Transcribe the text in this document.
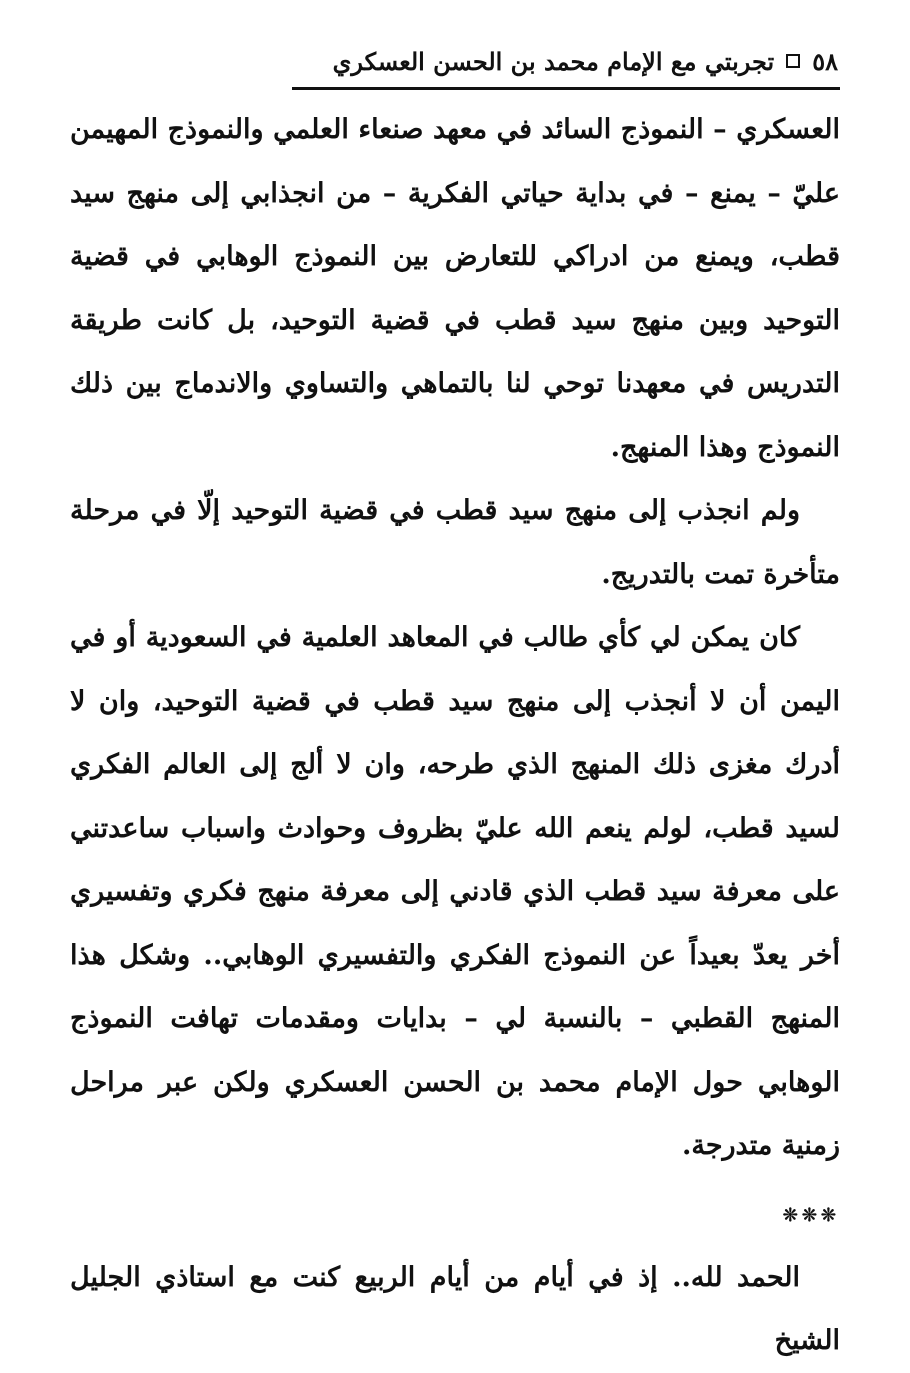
٥٨
تجربتي مع الإمام محمد بن الحسن العسكري

العسكري – النموذج السائد في معهد صنعاء العلمي والنموذج المهيمن عليّ – يمنع – في بداية حياتي الفكرية – من انجذابي إلى منهج سيد قطب، ويمنع من ادراكي للتعارض بين النموذج الوهابي في قضية التوحيد وبين منهج سيد قطب في قضية التوحيد، بل كانت طريقة التدريس في معهدنا توحي لنا بالتماهي والتساوي والاندماج بين ذلك النموذج وهذا المنهج.

ولم انجذب إلى منهج سيد قطب في قضية التوحيد إلّا في مرحلة متأخرة تمت بالتدريج.

كان يمكن لي كأي طالب في المعاهد العلمية في السعودية أو في اليمن أن لا أنجذب إلى منهج سيد قطب في قضية التوحيد، وان لا أدرك مغزى ذلك المنهج الذي طرحه، وان لا ألج إلى العالم الفكري لسيد قطب، لولم ينعم الله عليّ بظروف وحوادث واسباب ساعدتني على معرفة سيد قطب الذي قادني إلى معرفة منهج فكري وتفسيري أخر يعدّ بعيداً عن النموذج الفكري والتفسيري الوهابي.. وشكل هذا المنهج القطبي – بالنسبة لي – بدايات ومقدمات تهافت النموذج الوهابي حول الإمام محمد بن الحسن العسكري ولكن عبر مراحل زمنية متدرجة.

❊❊❊

الحمد لله.. إذ في أيام من أيام الربيع كنت مع استاذي الجليل الشيخ
